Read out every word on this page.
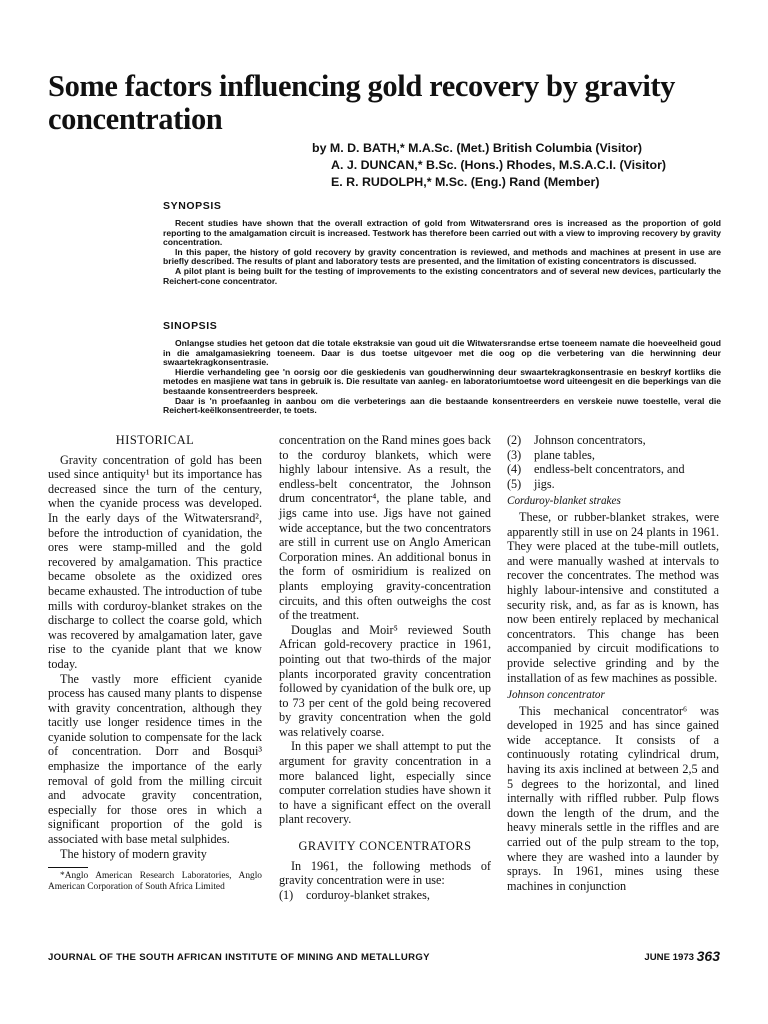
Some factors influencing gold recovery by gravity concentration
by M. D. BATH,* M.A.Sc. (Met.) British Columbia (Visitor)
A. J. DUNCAN,* B.Sc. (Hons.) Rhodes, M.S.A.C.I. (Visitor)
E. R. RUDOLPH,* M.Sc. (Eng.) Rand (Member)
SYNOPSIS

Recent studies have shown that the overall extraction of gold from Witwatersrand ores is increased as the proportion of gold reporting to the amalgamation circuit is increased. Testwork has therefore been carried out with a view to improving recovery by gravity concentration.

In this paper, the history of gold recovery by gravity concentration is reviewed, and methods and machines at present in use are briefly described. The results of plant and laboratory tests are presented, and the limitation of existing concentrators is discussed.

A pilot plant is being built for the testing of improvements to the existing concentrators and of several new devices, particularly the Reichert-cone concentrator.

SINOPSIS

Onlangse studies het getoon dat die totale ekstraksie van goud uit die Witwatersrandse ertse toeneem namate die hoeveelheid goud in die amalgamasiekring toeneem. Daar is dus toetse uitgevoer met die oog op die verbetering van die herwinning deur swaartekragkonsentrasie.

Hierdie verhandeling gee 'n oorsig oor die geskiedenis van goudherwinning deur swaartekragkonsentrasie en beskryf kortliks die metodes en masjiene wat tans in gebruik is. Die resultate van aanleg- en laboratoriumtoetse word uiteengesit en die beperkings van die bestaande konsentreerders bespreek.

Daar is 'n proefaanleg in aanbou om die verbeterings aan die bestaande konsentreerders en verskeie nuwe toestelle, veral die Reichert-keëlkonsentreerder, te toets.

HISTORICAL

Gravity concentration of gold has been used since antiquity¹ but its importance has decreased since the turn of the century, when the cyanide process was developed. In the early days of the Witwatersrand², before the introduction of cyanidation, the ores were stamp-milled and the gold recovered by amalgamation. This practice became obsolete as the oxidized ores became exhausted. The introduction of tube mills with corduroy-blanket strakes on the discharge to collect the coarse gold, which was recovered by amalgamation later, gave rise to the cyanide plant that we know today.

The vastly more efficient cyanide process has caused many plants to dispense with gravity concentration, although they tacitly use longer residence times in the cyanide solution to compensate for the lack of concentration. Dorr and Bosqui³ emphasize the importance of the early removal of gold from the milling circuit and advocate gravity concentration, especially for those ores in which a significant proportion of the gold is associated with base metal sulphides.

The history of modern gravity

*Anglo American Research Laboratories, Anglo American Corporation of South Africa Limited

concentration on the Rand mines goes back to the corduroy blankets, which were highly labour intensive. As a result, the endless-belt concentrator, the Johnson drum concentrator⁴, the plane table, and jigs came into use. Jigs have not gained wide acceptance, but the two concentrators are still in current use on Anglo American Corporation mines. An additional bonus in the form of osmiridium is realized on plants employing gravity-concentration circuits, and this often outweighs the cost of the treatment.

Douglas and Moir⁵ reviewed South African gold-recovery practice in 1961, pointing out that two-thirds of the major plants incorporated gravity concentration followed by cyanidation of the bulk ore, up to 73 per cent of the gold being recovered by gravity concentration when the gold was relatively coarse.

In this paper we shall attempt to put the argument for gravity concentration in a more balanced light, especially since computer correlation studies have shown it to have a significant effect on the overall plant recovery.

GRAVITY CONCENTRATORS

In 1961, the following methods of gravity concentration were in use:

(1) corduroy-blanket strakes,
(2) Johnson concentrators,
(3) plane tables,
(4) endless-belt concentrators, and
(5) jigs.
Corduroy-blanket strakes

These, or rubber-blanket strakes, were apparently still in use on 24 plants in 1961. They were placed at the tube-mill outlets, and were manually washed at intervals to recover the concentrates. The method was highly labour-intensive and constituted a security risk, and, as far as is known, has now been entirely replaced by mechanical concentrators. This change has been accompanied by circuit modifications to provide selective grinding and by the installation of as few machines as possible.

Johnson concentrator

This mechanical concentrator⁶ was developed in 1925 and has since gained wide acceptance. It consists of a continuously rotating cylindrical drum, having its axis inclined at between 2,5 and 5 degrees to the horizontal, and lined internally with riffled rubber. Pulp flows down the length of the drum, and the heavy minerals settle in the riffles and are carried out of the pulp stream to the top, where they are washed into a launder by sprays. In 1961, mines using these machines in conjunction

JOURNAL OF THE SOUTH AFRICAN INSTITUTE OF MINING AND METALLURGY	JUNE 1973 363
